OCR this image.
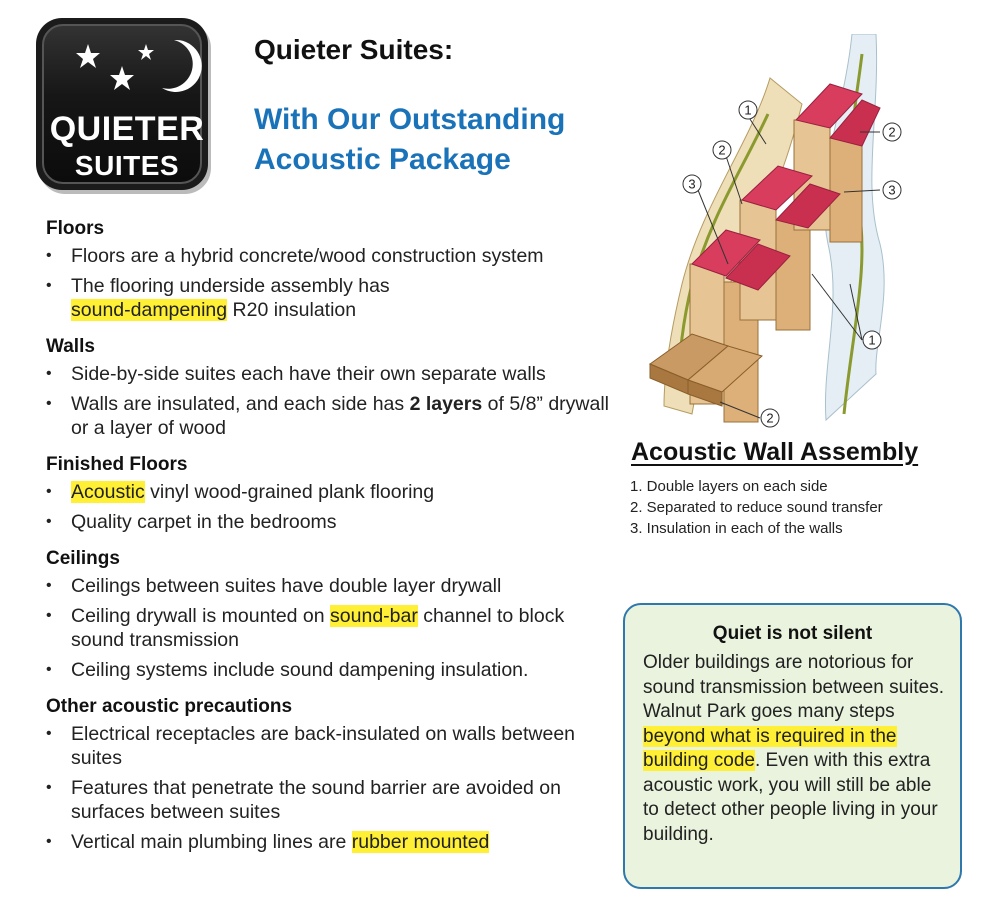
QUIETER
SUITES
Quieter Suites:
With Our Outstanding Acoustic Package
Floors
• Floors are a hybrid concrete/wood construction system
• The flooring underside assembly has
sound-dampening R20 insulation
Walls
• Side-by-side suites each have their own separate walls
• Walls are insulated, and each side has 2 layers of 5/8” drywall or a layer of wood
Finished Floors
• Acoustic vinyl wood-grained plank flooring
• Quality carpet in the bedrooms
Ceilings
• Ceilings between suites have double layer drywall
• Ceiling drywall is mounted on sound-bar channel to block sound transmission
• Ceiling systems include sound dampening insulation.
Other acoustic precautions
• Electrical receptacles are back-insulated on walls between suites
• Features that penetrate the sound barrier are avoided on surfaces between suites
• Vertical main plumbing lines are rubber mounted
1
2
2
3	3
1
2
Acoustic Wall Assembly
1. Double layers on each side
2. Separated to reduce sound transfer
3. Insulation in each of the walls
Quiet is not silent

Older buildings are notorious for sound transmission between suites. Walnut Park goes many steps beyond what is required in the building code. Even with this extra acoustic work, you will still be able to detect other people living in your building.
